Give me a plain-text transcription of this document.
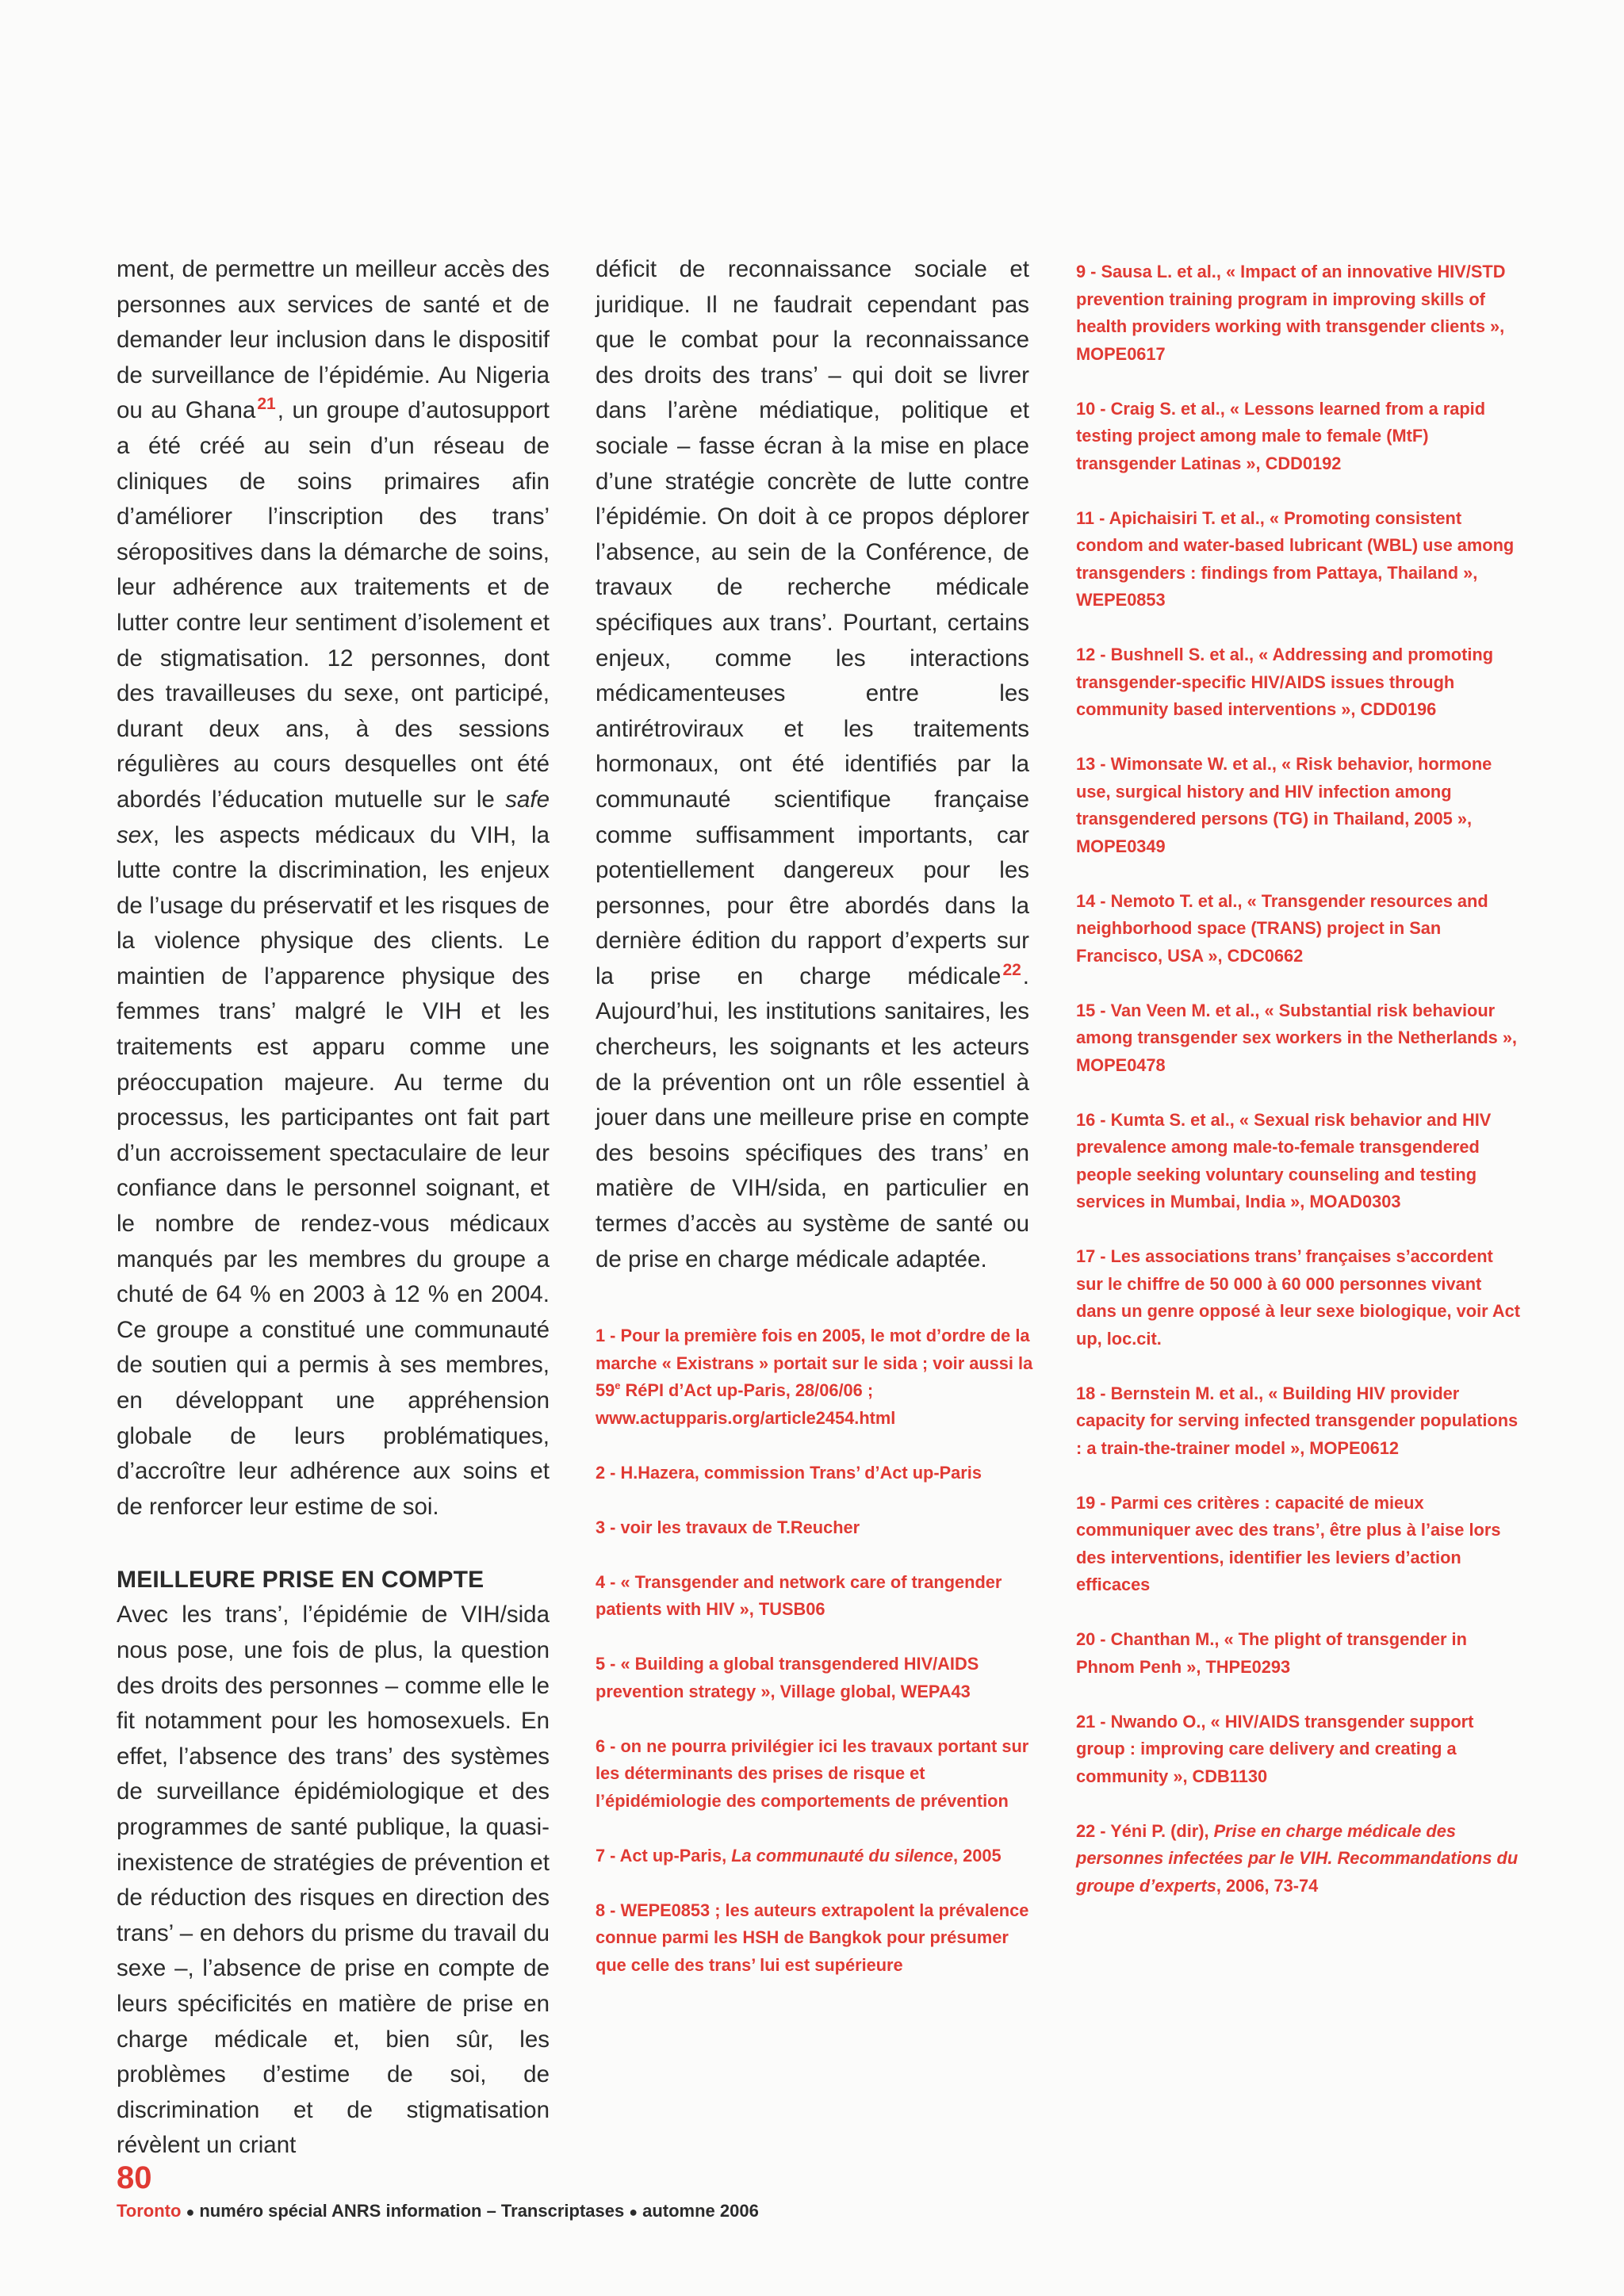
ment, de permettre un meilleur accès des personnes aux services de santé et de demander leur inclusion dans le dispositif de surveillance de l’épidémie. Au Nigeria ou au Ghana$^{21}$, un groupe d’autosupport a été créé au sein d’un réseau de cliniques de soins primaires afin d’améliorer l’inscription des trans’ séropositives dans la démarche de soins, leur adhérence aux traitements et de lutter contre leur sentiment d’isolement et de stigmatisation. 12 personnes, dont des travailleuses du sexe, ont participé, durant deux ans, à des sessions régulières au cours desquelles ont été abordés l’éducation mutuelle sur le safe sex, les aspects médicaux du VIH, la lutte contre la discrimination, les enjeux de l’usage du préservatif et les risques de la violence physique des clients. Le maintien de l’apparence physique des femmes trans’ malgré le VIH et les traitements est apparu comme une préoccupation majeure. Au terme du processus, les participantes ont fait part d’un accroissement spectaculaire de leur confiance dans le personnel soignant, et le nombre de rendez-vous médicaux manqués par les membres du groupe a chuté de 64 % en 2003 à 12 % en 2004. Ce groupe a constitué une communauté de soutien qui a permis à ses membres, en développant une appréhension globale de leurs problématiques, d’accroître leur adhérence aux soins et de renforcer leur estime de soi.

MEILLEURE PRISE EN COMPTE

Avec les trans’, l’épidémie de VIH/sida nous pose, une fois de plus, la question des droits des personnes – comme elle le fit notamment pour les homosexuels. En effet, l’absence des trans’ des systèmes de surveillance épidémiologique et des programmes de santé publique, la quasi-inexistence de stratégies de prévention et de réduction des risques en direction des trans’ – en dehors du prisme du travail du sexe –, l’absence de prise en compte de leurs spécificités en matière de prise en charge médicale et, bien sûr, les problèmes d’estime de soi, de discrimination et de stigmatisation révèlent un criant

déficit de reconnaissance sociale et juridique. Il ne faudrait cependant pas que le combat pour la reconnaissance des droits des trans’ – qui doit se livrer dans l’arène médiatique, politique et sociale – fasse écran à la mise en place d’une stratégie concrète de lutte contre l’épidémie. On doit à ce propos déplorer l’absence, au sein de la Conférence, de travaux de recherche médicale spécifiques aux trans’. Pourtant, certains enjeux, comme les interactions médicamenteuses entre les antirétroviraux et les traitements hormonaux, ont été identifiés par la communauté scientifique française comme suffisamment importants, car potentiellement dangereux pour les personnes, pour être abordés dans la dernière édition du rapport d’experts sur la prise en charge médicale$^{22}$. Aujourd’hui, les institutions sanitaires, les chercheurs, les soignants et les acteurs de la prévention ont un rôle essentiel à jouer dans une meilleure prise en compte des besoins spécifiques des trans’ en matière de VIH/sida, en particulier en termes d’accès au système de santé ou de prise en charge médicale adaptée.

1 - Pour la première fois en 2005, le mot d’ordre de la marche « Existrans » portait sur le sida ; voir aussi la 59e RéPI d’Act up-Paris, 28/06/06 ; www.actupparis.org/article2454.html
2 - H.Hazera, commission Trans’ d’Act up-Paris
3 - voir les travaux de T.Reucher
4 - « Transgender and network care of trangender patients with HIV », TUSB06
5 - « Building a global transgendered HIV/AIDS prevention strategy », Village global, WEPA43
6 - on ne pourra privilégier ici les travaux portant sur les déterminants des prises de risque et l’épidémiologie des comportements de prévention
7 - Act up-Paris, La communauté du silence, 2005
8 - WEPE0853 ; les auteurs extrapolent la prévalence connue parmi les HSH de Bangkok pour présumer que celle des trans’ lui est supérieure
9 - Sausa L. et al., « Impact of an innovative HIV/STD prevention training program in improving skills of health providers working with transgender clients », MOPE0617
10 - Craig S. et al., « Lessons learned from a rapid testing project among male to female (MtF) transgender Latinas », CDD0192
11 - Apichaisiri T. et al., « Promoting consistent condom and water-based lubricant (WBL) use among transgenders : findings from Pattaya, Thailand », WEPE0853
12 - Bushnell S. et al., « Addressing and promoting transgender-specific HIV/AIDS issues through community based interventions », CDD0196
13 - Wimonsate W. et al., « Risk behavior, hormone use, surgical history and HIV infection among transgendered persons (TG) in Thailand, 2005 », MOPE0349
14 - Nemoto T. et al., « Transgender resources and neighborhood space (TRANS) project in San Francisco, USA », CDC0662
15 - Van Veen M. et al., « Substantial risk behaviour among transgender sex workers in the Netherlands », MOPE0478
16 - Kumta S. et al., « Sexual risk behavior and HIV prevalence among male-to-female transgendered people seeking voluntary counseling and testing services in Mumbai, India », MOAD0303
17 - Les associations trans’ françaises s’accordent sur le chiffre de 50 000 à 60 000 personnes vivant dans un genre opposé à leur sexe biologique, voir Act up, loc.cit.
18 - Bernstein M. et al., « Building HIV provider capacity for serving infected transgender populations : a train-the-trainer model », MOPE0612
19 - Parmi ces critères : capacité de mieux communiquer avec des trans’, être plus à l’aise lors des interventions, identifier les leviers d’action efficaces
20 - Chanthan M., « The plight of transgender in Phnom Penh », THPE0293
21 - Nwando O., « HIV/AIDS transgender support group : improving care delivery and creating a community », CDB1130
22 - Yéni P. (dir), Prise en charge médicale des personnes infectées par le VIH. Recommandations du groupe d’experts, 2006, 73-74
80
Toronto ● numéro spécial ANRS information – Transcriptases ● automne 2006
